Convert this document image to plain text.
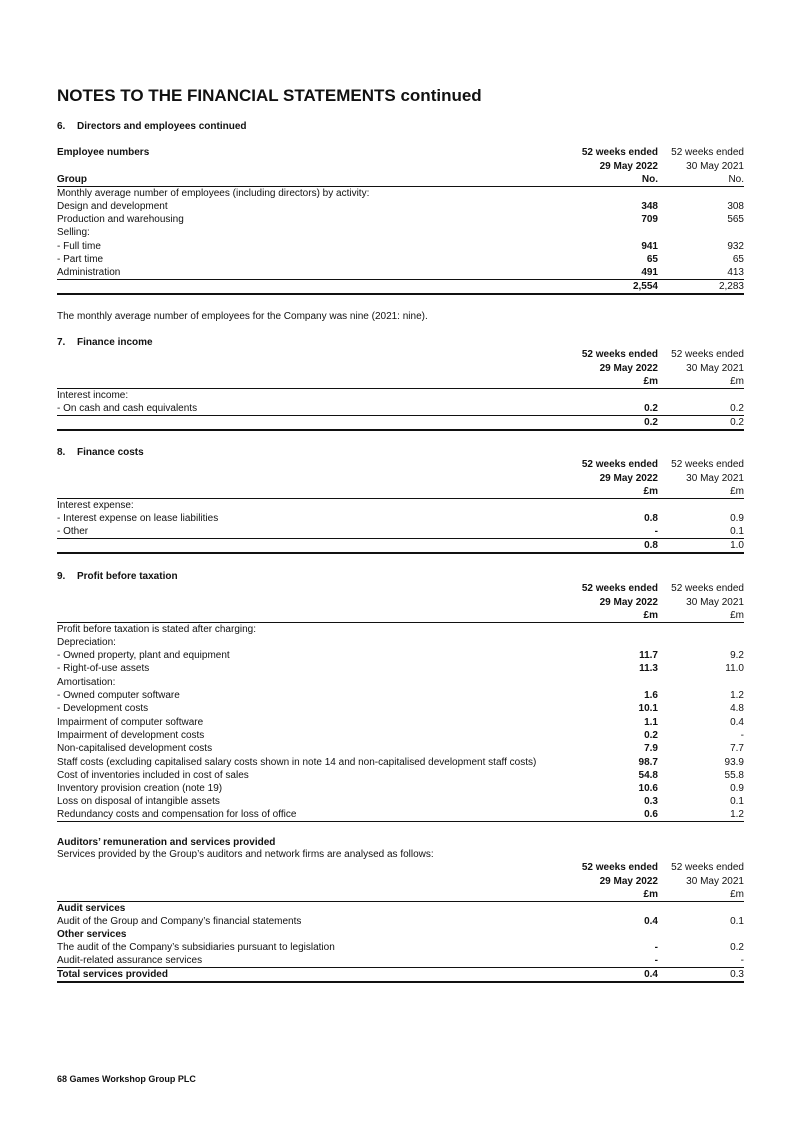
NOTES TO THE FINANCIAL STATEMENTS continued
6. Directors and employees continued
Employee numbers	52 weeks ended	52 weeks ended
	29 May 2022	30 May 2021
Group	No.	No.
Monthly average number of employees (including directors) by activity:		
Design and development	348	308
Production and warehousing	709	565
Selling:		
- Full time	941	932
- Part time	65	65
Administration	491	413
	2,554	2,283
The monthly average number of employees for the Company was nine (2021: nine).
7. Finance income
	52 weeks ended	52 weeks ended
	29 May 2022	30 May 2021
	£m	£m
Interest income:		
- On cash and cash equivalents	0.2	0.2
	0.2	0.2
8. Finance costs
	52 weeks ended	52 weeks ended
	29 May 2022	30 May 2021
	£m	£m
Interest expense:		
- Interest expense on lease liabilities	0.8	0.9
- Other	-	0.1
	0.8	1.0
9. Profit before taxation
	52 weeks ended	52 weeks ended
	29 May 2022	30 May 2021
	£m	£m
Profit before taxation is stated after charging:		
Depreciation:		
- Owned property, plant and equipment	11.7	9.2
- Right-of-use assets	11.3	11.0
Amortisation:		
- Owned computer software	1.6	1.2
- Development costs	10.1	4.8
Impairment of computer software	1.1	0.4
Impairment of development costs	0.2	-
Non-capitalised development costs	7.9	7.7
Staff costs (excluding capitalised salary costs shown in note 14 and non-capitalised development staff costs)	98.7	93.9
Cost of inventories included in cost of sales	54.8	55.8
Inventory provision creation (note 19)	10.6	0.9
Loss on disposal of intangible assets	0.3	0.1
Redundancy costs and compensation for loss of office	0.6	1.2
Auditors’ remuneration and services provided
Services provided by the Group’s auditors and network firms are analysed as follows:
	52 weeks ended	52 weeks ended
	29 May 2022	30 May 2021
	£m	£m
Audit services		
Audit of the Group and Company’s financial statements	0.4	0.1
Other services		
The audit of the Company’s subsidiaries pursuant to legislation	-	0.2
Audit-related assurance services	-	-
Total services provided	0.4	0.3
68 Games Workshop Group PLC
